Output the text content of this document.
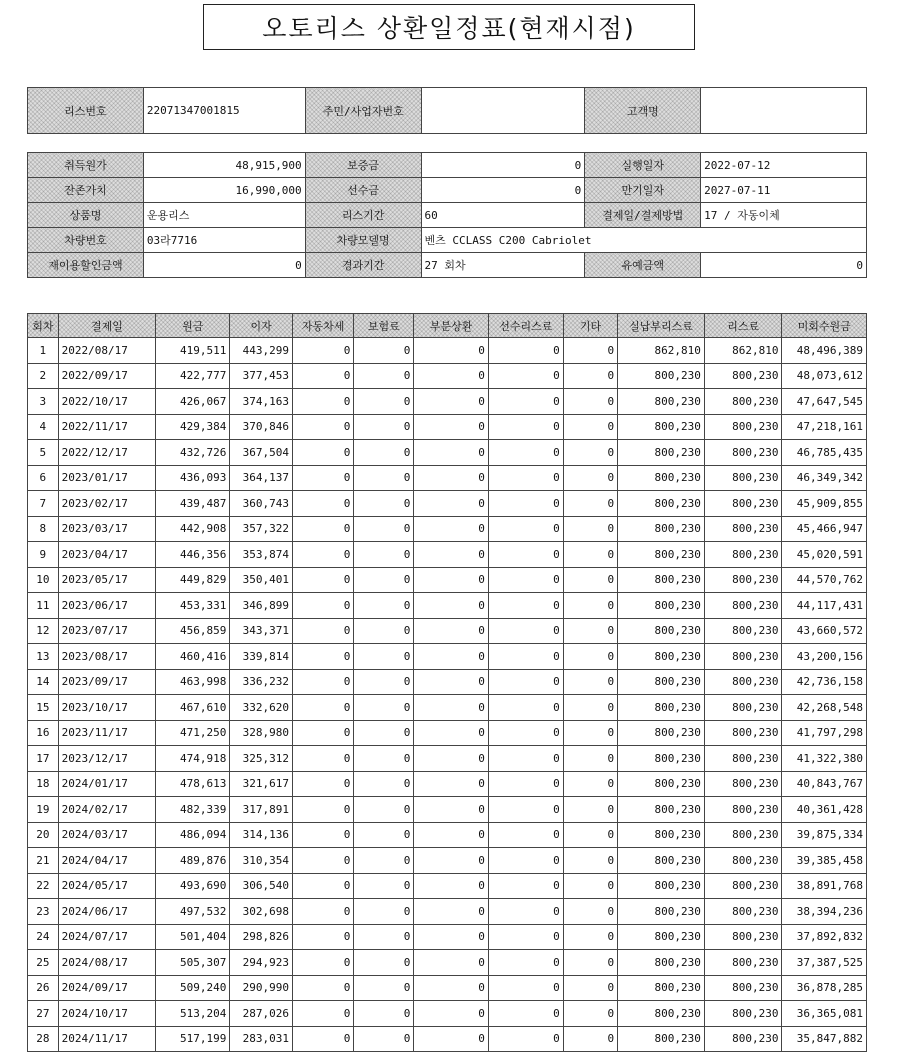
오토리스 상환일정표(현재시점)
리스번호	22071347001815	주민/사업자번호		고객명	
취득원가	48,915,900	보증금	0	실행일자	2022-07-12
잔존가치	16,990,000	선수금	0	만기일자	2027-07-11
상품명	운용리스	리스기간	60	결제일/결제방법	17 / 자동이체
차량번호	03라7716	차량모델명	벤츠 CCLASS C200 Cabriolet		
재이용할인금액	0	경과기간	27 회차	유예금액	0
회차	결제일	원금	이자	자동차세	보험료	부분상환	선수리스료	기타	실납부리스료	리스료	미회수원금
1	2022/08/17	419,511	443,299	0	0	0	0	0	862,810	862,810	48,496,389
2	2022/09/17	422,777	377,453	0	0	0	0	0	800,230	800,230	48,073,612
3	2022/10/17	426,067	374,163	0	0	0	0	0	800,230	800,230	47,647,545
4	2022/11/17	429,384	370,846	0	0	0	0	0	800,230	800,230	47,218,161
5	2022/12/17	432,726	367,504	0	0	0	0	0	800,230	800,230	46,785,435
6	2023/01/17	436,093	364,137	0	0	0	0	0	800,230	800,230	46,349,342
7	2023/02/17	439,487	360,743	0	0	0	0	0	800,230	800,230	45,909,855
8	2023/03/17	442,908	357,322	0	0	0	0	0	800,230	800,230	45,466,947
9	2023/04/17	446,356	353,874	0	0	0	0	0	800,230	800,230	45,020,591
10	2023/05/17	449,829	350,401	0	0	0	0	0	800,230	800,230	44,570,762
11	2023/06/17	453,331	346,899	0	0	0	0	0	800,230	800,230	44,117,431
12	2023/07/17	456,859	343,371	0	0	0	0	0	800,230	800,230	43,660,572
13	2023/08/17	460,416	339,814	0	0	0	0	0	800,230	800,230	43,200,156
14	2023/09/17	463,998	336,232	0	0	0	0	0	800,230	800,230	42,736,158
15	2023/10/17	467,610	332,620	0	0	0	0	0	800,230	800,230	42,268,548
16	2023/11/17	471,250	328,980	0	0	0	0	0	800,230	800,230	41,797,298
17	2023/12/17	474,918	325,312	0	0	0	0	0	800,230	800,230	41,322,380
18	2024/01/17	478,613	321,617	0	0	0	0	0	800,230	800,230	40,843,767
19	2024/02/17	482,339	317,891	0	0	0	0	0	800,230	800,230	40,361,428
20	2024/03/17	486,094	314,136	0	0	0	0	0	800,230	800,230	39,875,334
21	2024/04/17	489,876	310,354	0	0	0	0	0	800,230	800,230	39,385,458
22	2024/05/17	493,690	306,540	0	0	0	0	0	800,230	800,230	38,891,768
23	2024/06/17	497,532	302,698	0	0	0	0	0	800,230	800,230	38,394,236
24	2024/07/17	501,404	298,826	0	0	0	0	0	800,230	800,230	37,892,832
25	2024/08/17	505,307	294,923	0	0	0	0	0	800,230	800,230	37,387,525
26	2024/09/17	509,240	290,990	0	0	0	0	0	800,230	800,230	36,878,285
27	2024/10/17	513,204	287,026	0	0	0	0	0	800,230	800,230	36,365,081
28	2024/11/17	517,199	283,031	0	0	0	0	0	800,230	800,230	35,847,882
